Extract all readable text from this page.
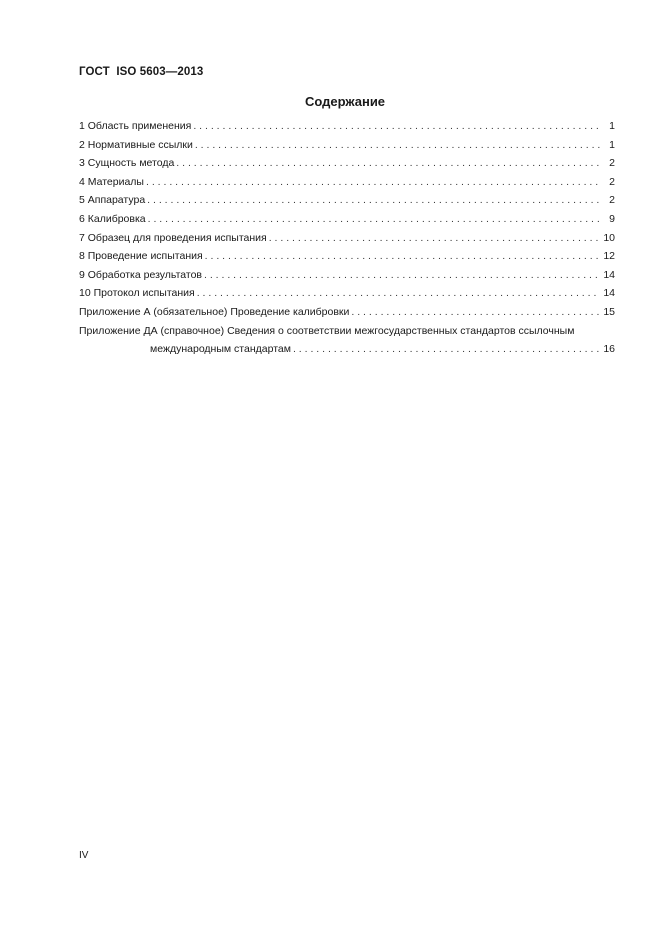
ГОСТ  ISO 5603—2013
Содержание
1 Область применения . . .	1
2 Нормативные ссылки . . .	1
3 Сущность метода . . .	2
4 Материалы . . .	2
5 Аппаратура . . .	2
6 Калибровка . . .	9
7 Образец для проведения испытания . . .	10
8 Проведение испытания . . .	12
9 Обработка результатов . . .	14
10 Протокол испытания . . .	14
Приложение А (обязательное) Проведение калибровки . . .	15
Приложение ДА (справочное) Сведения о соответствии межгосударственных стандартов ссылочным
международным стандартам . . .	16
IV
